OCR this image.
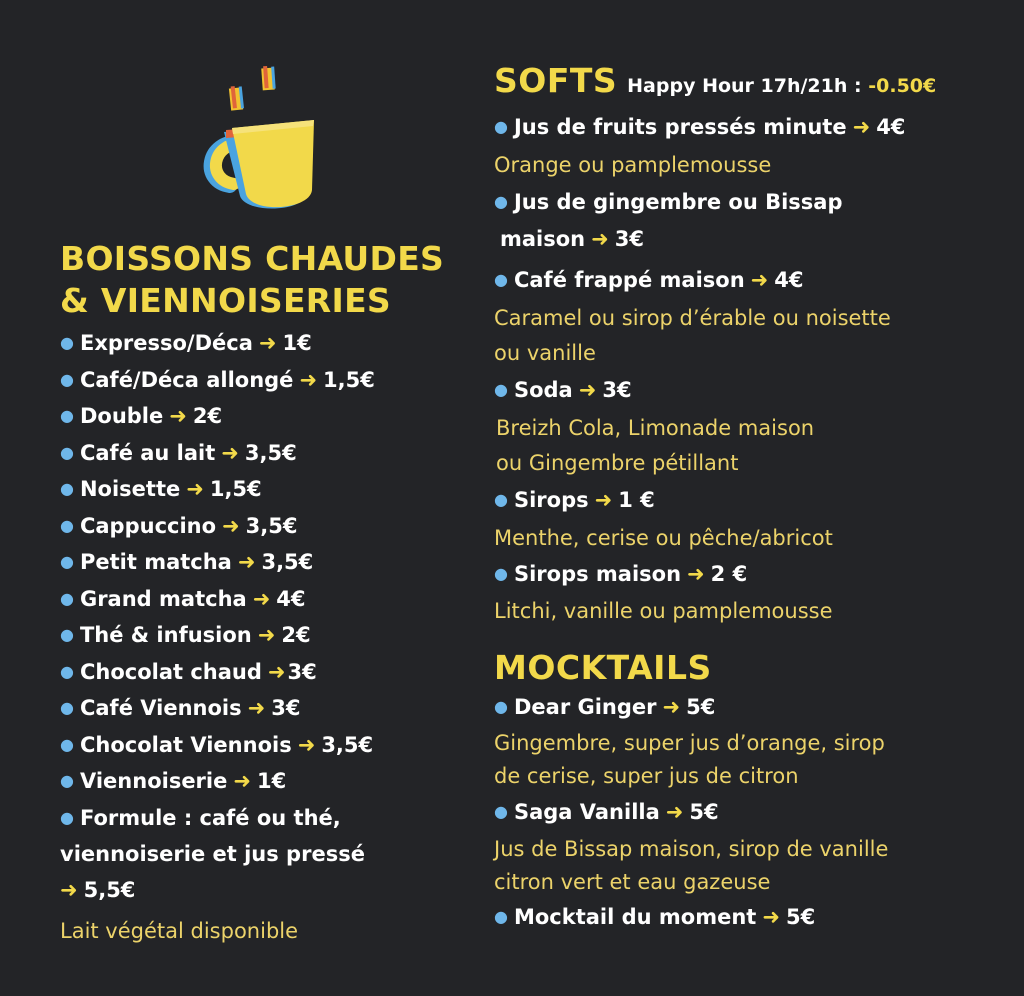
BOISSONS CHAUDES
& VIENNOISERIES
● Expresso/Déca ➜ 1€
● Café/Déca allongé ➜ 1,5€
● Double ➜ 2€
● Café au lait ➜ 3,5€
● Noisette ➜ 1,5€
● Cappuccino ➜ 3,5€
● Petit matcha ➜ 3,5€
● Grand matcha ➜ 4€
● Thé & infusion ➜ 2€
● Chocolat chaud ➜3€
● Café Viennois ➜ 3€
● Chocolat Viennois ➜ 3,5€
● Viennoiserie ➜ 1€
● Formule : café ou thé,
viennoiserie et jus pressé
➜ 5,5€
Lait végétal disponible
SOFTS Happy Hour 17h/21h : -0.50€
● Jus de fruits pressés minute ➜ 4€
Orange ou pamplemousse
● Jus de gingembre ou Bissap
maison ➜ 3€
● Café frappé maison ➜ 4€
Caramel ou sirop d’érable ou noisette
ou vanille
● Soda ➜ 3€
Breizh Cola, Limonade maison
ou Gingembre pétillant
● Sirops ➜ 1 €
Menthe, cerise ou pêche/abricot
● Sirops maison ➜ 2 €
Litchi, vanille ou pamplemousse
MOCKTAILS
● Dear Ginger ➜ 5€
Gingembre, super jus d’orange, sirop
de cerise, super jus de citron
● Saga Vanilla ➜ 5€
Jus de Bissap maison, sirop de vanille
citron vert et eau gazeuse
● Mocktail du moment ➜ 5€
